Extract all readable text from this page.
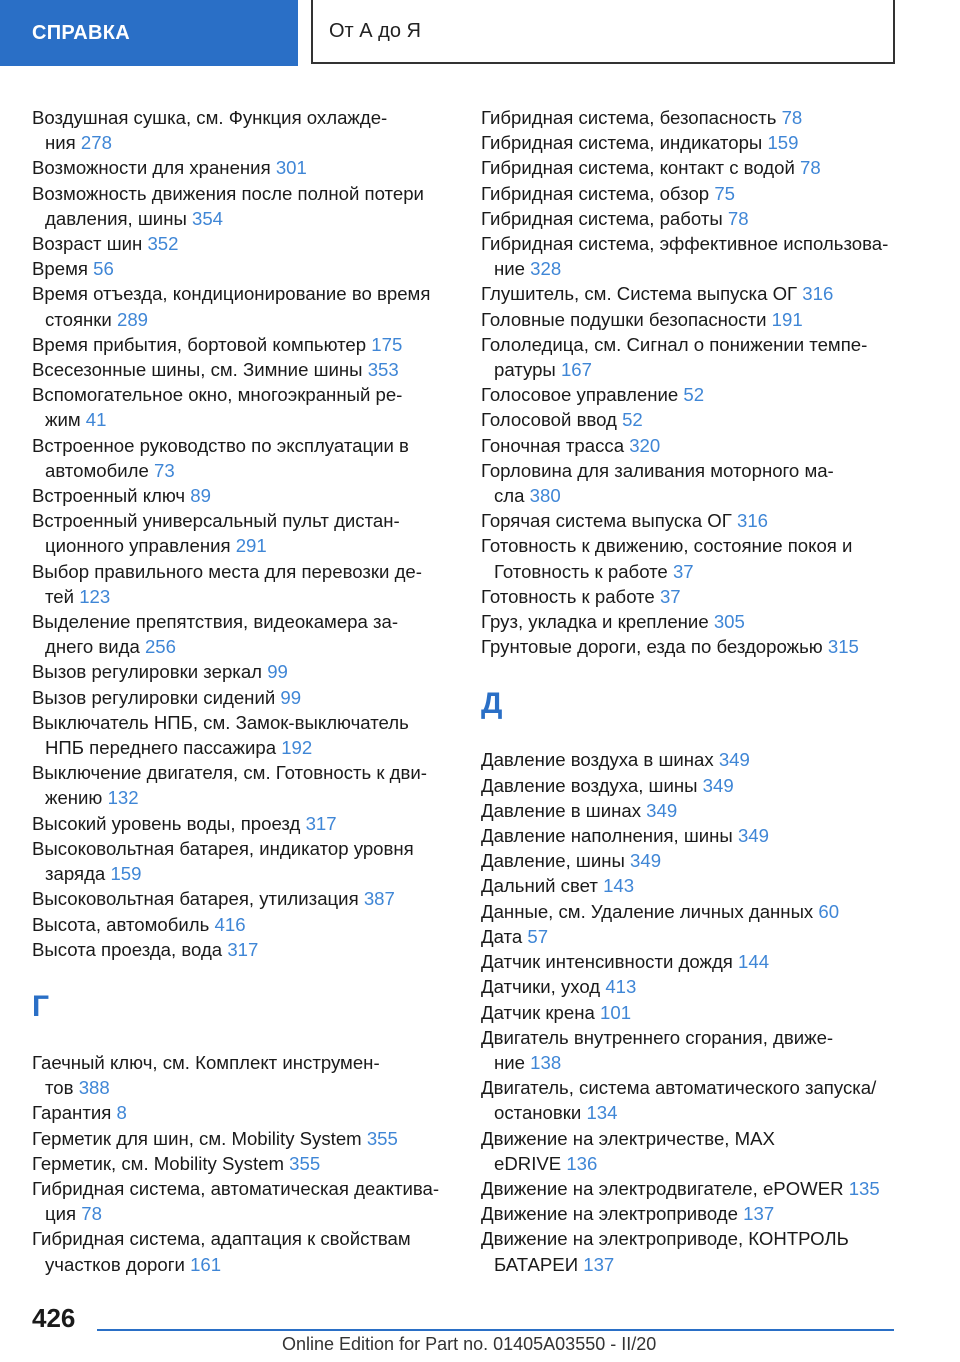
СПРАВКА	От А до Я

Воздушная сушка, см. Функция охлажде-
ния 278

Возможности для хранения 301

Возможность движения после полной потери
давления, шины 354

Возраст шин 352

Время 56

Время отъезда, кондиционирование во время
стоянки 289

Время прибытия, бортовой компьютер 175

Всесезонные шины, см. Зимние шины 353

Вспомогательное окно, многоэкранный ре-
жим 41

Встроенное руководство по эксплуатации в
автомобиле 73

Встроенный ключ 89

Встроенный универсальный пульт дистан-
ционного управления 291

Выбор правильного места для перевозки де-
тей 123

Выделение препятствия, видеокамера за-
днего вида 256

Вызов регулировки зеркал 99

Вызов регулировки сидений 99

Выключатель НПБ, см. Замок-выключатель
НПБ переднего пассажира 192

Выключение двигателя, см. Готовность к дви-
жению 132

Высокий уровень воды, проезд 317

Высоковольтная батарея, индикатор уровня
заряда 159

Высоковольтная батарея, утилизация 387

Высота, автомобиль 416

Высота проезда, вода 317

Г

Гаечный ключ, см. Комплект инструмен-
тов 388

Гарантия 8

Герметик для шин, см. Mobility System 355

Герметик, см. Mobility System 355

Гибридная система, автоматическая деактива-
ция 78

Гибридная система, адаптация к свойствам
участков дороги 161

Гибридная система, безопасность 78

Гибридная система, индикаторы 159

Гибридная система, контакт с водой 78

Гибридная система, обзор 75

Гибридная система, работы 78

Гибридная система, эффективное использова-
ние 328

Глушитель, см. Система выпуска ОГ 316

Головные подушки безопасности 191

Гололедица, см. Сигнал о понижении темпе-
ратуры 167

Голосовое управление 52

Голосовой ввод 52

Гоночная трасса 320

Горловина для заливания моторного ма-
сла 380

Горячая система выпуска ОГ 316

Готовность к движению, состояние покоя и
Готовность к работе 37

Готовность к работе 37

Груз, укладка и крепление 305

Грунтовые дороги, езда по бездорожью 315

Д

Давление воздуха в шинах 349

Давление воздуха, шины 349

Давление в шинах 349

Давление наполнения, шины 349

Давление, шины 349

Дальний свет 143

Данные, см. Удаление личных данных 60

Дата 57

Датчик интенсивности дождя 144

Датчики, уход 413

Датчик крена 101

Двигатель внутреннего сгорания, движе-
ние 138

Двигатель, система автоматического запуска/
остановки 134

Движение на электричестве, MAX
eDRIVE 136

Движение на электродвигателе, ePOWER 135

Движение на электроприводе 137

Движение на электроприводе, КОНТРОЛЬ
БАТАРЕИ 137

426
Online Edition for Part no. 01405A03550 - II/20
